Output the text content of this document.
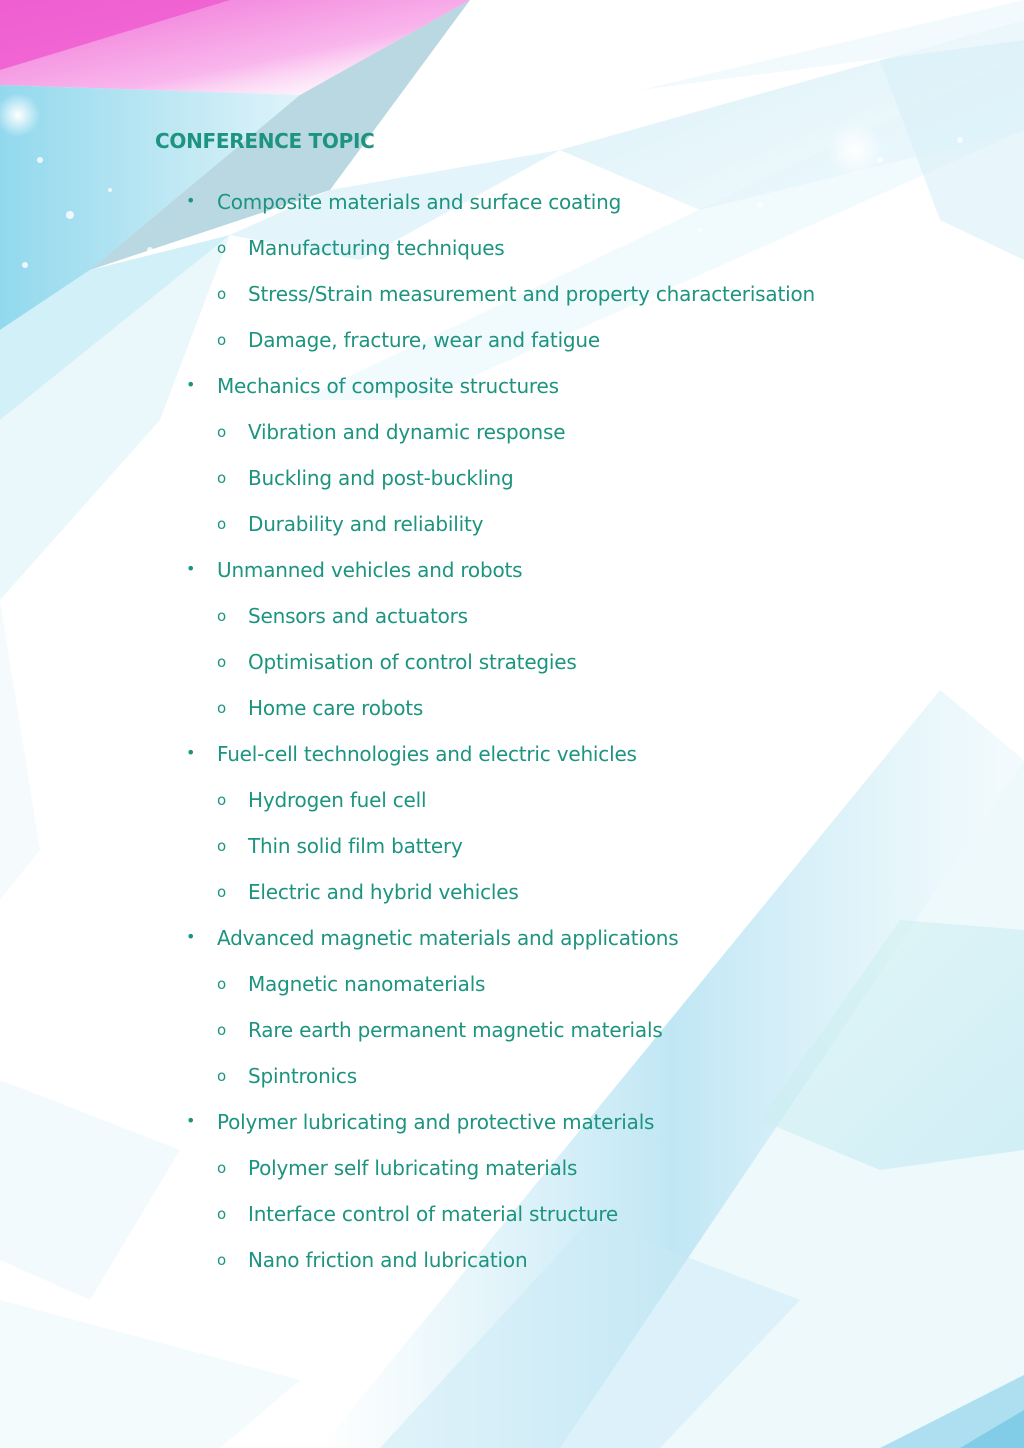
CONFERENCE TOPIC
• Composite materials and surface coating
o Manufacturing techniques
o Stress/Strain measurement and property characterisation
o Damage, fracture, wear and fatigue
• Mechanics of composite structures
o Vibration and dynamic response
o Buckling and post-buckling
o Durability and reliability
• Unmanned vehicles and robots
o Sensors and actuators
o Optimisation of control strategies
o Home care robots
• Fuel-cell technologies and electric vehicles
o Hydrogen fuel cell
o Thin solid film battery
o Electric and hybrid vehicles
• Advanced magnetic materials and applications
o Magnetic nanomaterials
o Rare earth permanent magnetic materials
o Spintronics
• Polymer lubricating and protective materials
o Polymer self lubricating materials
o Interface control of material structure
o Nano friction and lubrication
